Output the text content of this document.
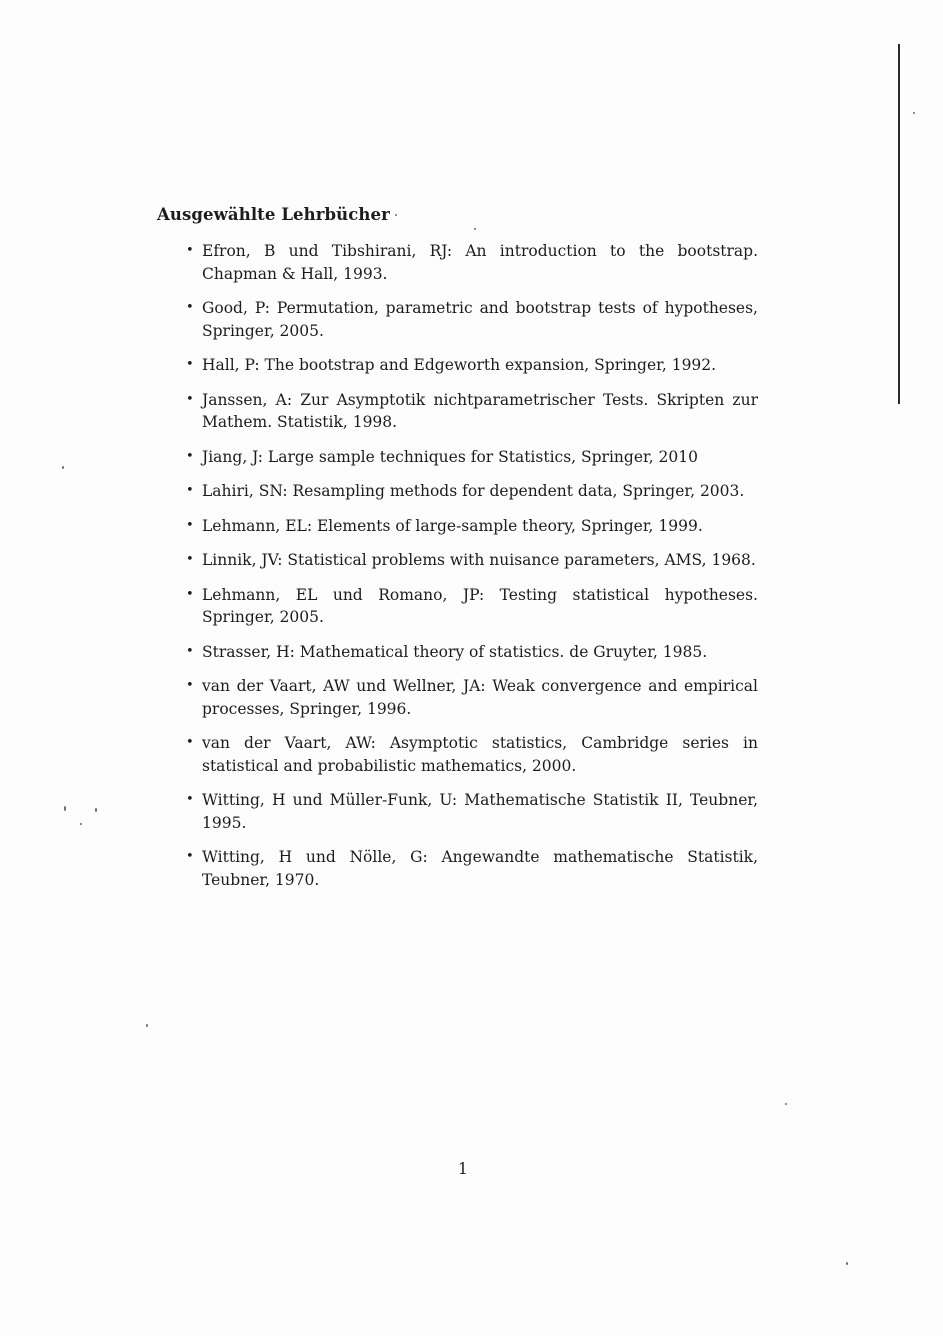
Ausgewählte Lehrbücher
• Efron, B und Tibshirani, RJ: An introduction to the bootstrap. Chapman & Hall, 1993.
• Good, P: Permutation, parametric and bootstrap tests of hypotheses, Springer, 2005.
• Hall, P: The bootstrap and Edgeworth expansion, Springer, 1992.
• Janssen, A: Zur Asymptotik nichtparametrischer Tests. Skripten zur Mathem. Statistik, 1998.
• Jiang, J: Large sample techniques for Statistics, Springer, 2010
• Lahiri, SN: Resampling methods for dependent data, Springer, 2003.
• Lehmann, EL: Elements of large-sample theory, Springer, 1999.
• Linnik, JV: Statistical problems with nuisance parameters, AMS, 1968.
• Lehmann, EL und Romano, JP: Testing statistical hypotheses. Springer, 2005.
• Strasser, H: Mathematical theory of statistics. de Gruyter, 1985.
• van der Vaart, AW und Wellner, JA: Weak convergence and empirical processes, Springer, 1996.
• van der Vaart, AW: Asymptotic statistics, Cambridge series in statistical and probabilistic mathematics, 2000.
• Witting, H und Müller-Funk, U: Mathematische Statistik II, Teubner, 1995.
• Witting, H und Nölle, G: Angewandte mathematische Statistik, Teubner, 1970.
1
